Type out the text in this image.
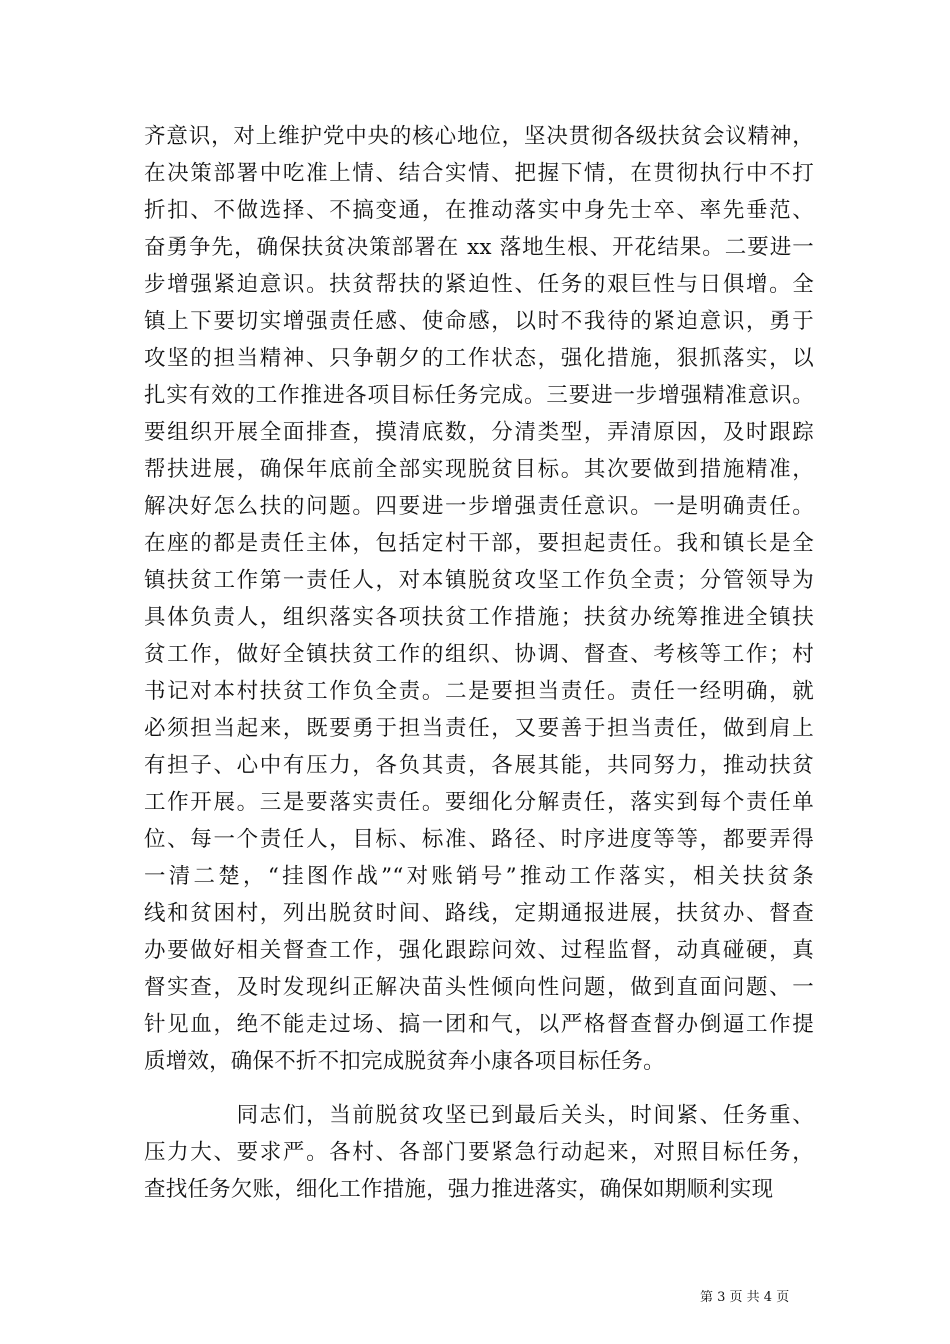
齐意识，对上维护党中央的核心地位，坚决贯彻各级扶贫会议精神，
在决策部署中吃准上情、结合实情、把握下情，在贯彻执行中不打
折扣、不做选择、不搞变通，在推动落实中身先士卒、率先垂范、
奋勇争先，确保扶贫决策部署在 xx 落地生根、开花结果。二要进一
步增强紧迫意识。扶贫帮扶的紧迫性、任务的艰巨性与日俱增。全
镇上下要切实增强责任感、使命感，以时不我待的紧迫意识，勇于
攻坚的担当精神、只争朝夕的工作状态，强化措施，狠抓落实，以
扎实有效的工作推进各项目标任务完成。三要进一步增强精准意识。
要组织开展全面排查，摸清底数，分清类型，弄清原因，及时跟踪
帮扶进展，确保年底前全部实现脱贫目标。其次要做到措施精准，
解决好怎么扶的问题。四要进一步增强责任意识。一是明确责任。
在座的都是责任主体，包括定村干部，要担起责任。我和镇长是全
镇扶贫工作第一责任人，对本镇脱贫攻坚工作负全责；分管领导为
具体负责人，组织落实各项扶贫工作措施；扶贫办统筹推进全镇扶
贫工作，做好全镇扶贫工作的组织、协调、督查、考核等工作；村
书记对本村扶贫工作负全责。二是要担当责任。责任一经明确，就
必须担当起来，既要勇于担当责任，又要善于担当责任，做到肩上
有担子、心中有压力，各负其责，各展其能，共同努力，推动扶贫
工作开展。三是要落实责任。要细化分解责任，落实到每个责任单
位、每一个责任人，目标、标准、路径、时序进度等等，都要弄得
一清二楚，“挂图作战”“对账销号”推动工作落实，相关扶贫条
线和贫困村，列出脱贫时间、路线，定期通报进展，扶贫办、督查
办要做好相关督查工作，强化跟踪问效、过程监督，动真碰硬，真
督实查，及时发现纠正解决苗头性倾向性问题，做到直面问题、一
针见血，绝不能走过场、搞一团和气，以严格督查督办倒逼工作提
质增效，确保不折不扣完成脱贫奔小康各项目标任务。
　　　　同志们，当前脱贫攻坚已到最后关头，时间紧、任务重、
压力大、要求严。各村、各部门要紧急行动起来，对照目标任务，
查找任务欠账，细化工作措施，强力推进落实，确保如期顺利实现
第 3 页 共 4 页
